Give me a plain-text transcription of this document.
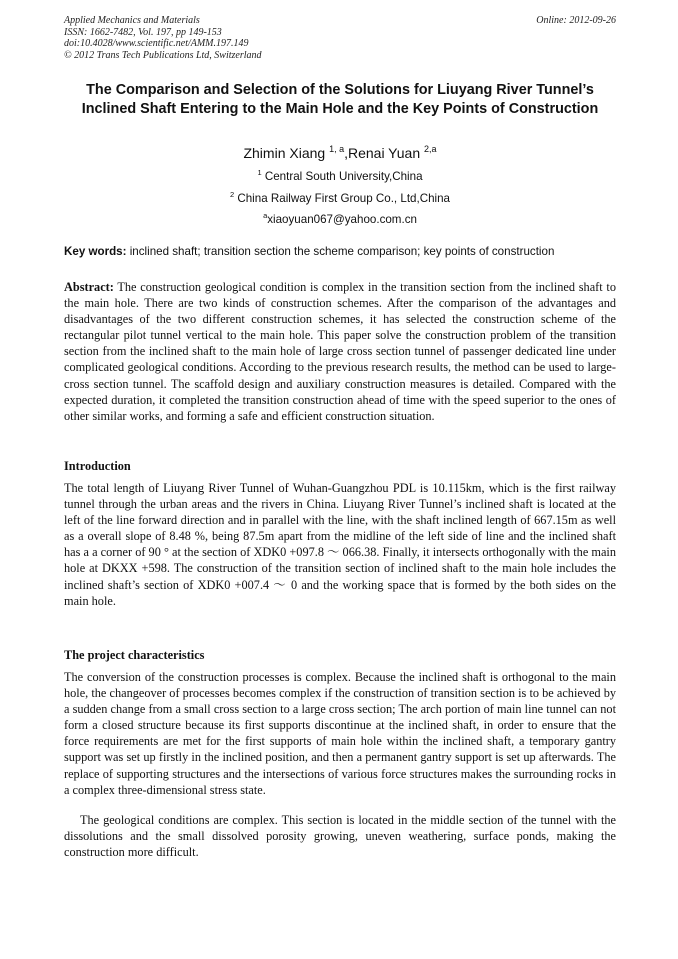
Applied Mechanics and Materials
ISSN: 1662-7482, Vol. 197, pp 149-153
doi:10.4028/www.scientific.net/AMM.197.149
© 2012 Trans Tech Publications Ltd, Switzerland
Online: 2012-09-26
The Comparison and Selection of the Solutions for Liuyang River Tunnel’s Inclined Shaft Entering to the Main Hole and the Key Points of Construction
Zhimin Xiang $^{1, a}$,Renai Yuan $^{2,a}$
$^1$ Central South University,China
$^2$ China Railway First Group Co., Ltd,China
$^a$xiaoyuan067@yahoo.com.cn
Key words: inclined shaft; transition section the scheme comparison; key points of construction
Abstract: The construction geological condition is complex in the transition section from the inclined shaft to the main hole. There are two kinds of construction schemes. After the comparison of the advantages and disadvantages of the two different construction schemes, it has selected the construction scheme of the rectangular pilot tunnel vertical to the main hole. This paper solve the construction problem of the transition section from the inclined shaft to the main hole of large cross section tunnel of passenger dedicated line under complicated geological conditions. According to the previous research results, the method can be used to large-cross section tunnel. The scaffold design and auxiliary construction measures is detailed. Compared with the expected duration, it completed the transition construction ahead of time with the speed superior to the ones of other similar works, and forming a safe and efficient construction situation.
Introduction
The total length of Liuyang River Tunnel of Wuhan-Guangzhou PDL is 10.115km, which is the first railway tunnel through the urban areas and the rivers in China. Liuyang River Tunnel’s inclined shaft is located at the left of the line forward direction and in parallel with the line, with the shaft inclined length of 667.15m as well as a overall slope of 8.48 %, being 87.5m apart from the midline of the left side of line and the inclined shaft has a a corner of 90 ° at the section of XDK0 +097.8 ～ 066.38. Finally, it intersects orthogonally with the main hole at DKXX +598. The construction of the transition section of inclined shaft to the main hole includes the inclined shaft’s section of XDK0 +007.4 ～ 0 and the working space that is formed by the both sides on the main hole.
The project characteristics
The conversion of the construction processes is complex. Because the inclined shaft is orthogonal to the main hole, the changeover of processes becomes complex if the construction of transition section is to be achieved by a sudden change from a small cross section to a large cross section; The arch portion of main line tunnel can not form a closed structure because its first supports discontinue at the inclined shaft, in order to ensure that the force requirements are met for the first supports of main hole within the inclined shaft, a temporary gantry support was set up firstly in the inclined position, and then a permanent gantry support is set up afterwards. The replace of supporting structures and the intersections of various force structures makes the surrounding rocks in a complex three-dimensional stress state.
The geological conditions are complex. This section is located in the middle section of the tunnel with the dissolutions and the small dissolved porosity growing, uneven weathering, surface ponds, making the construction more difficult.
